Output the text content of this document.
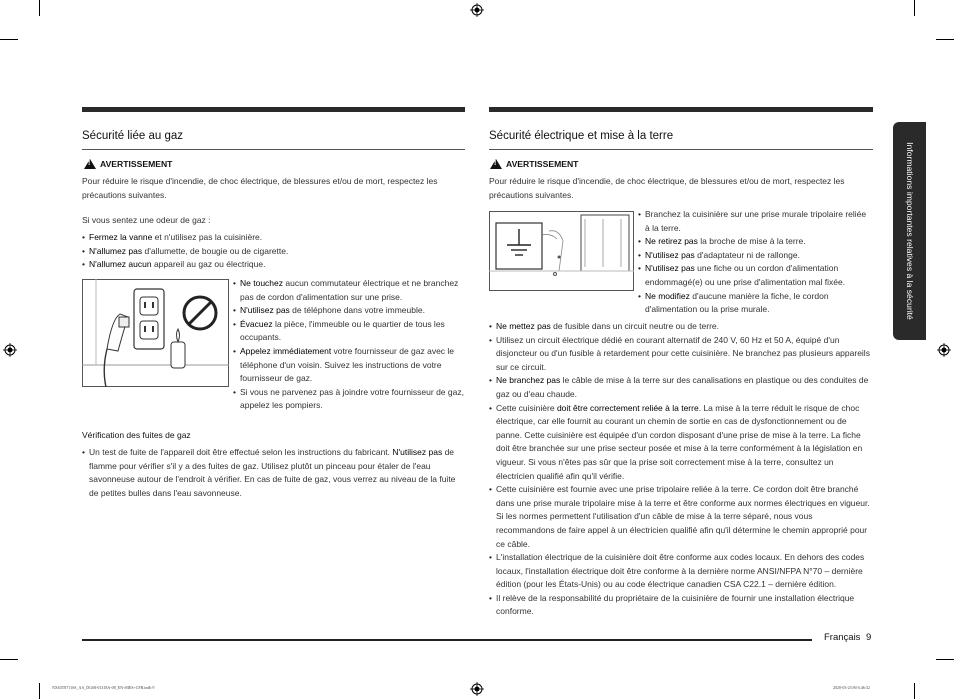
Sécurité liée au gaz
!
AVERTISSEMENT
Pour réduire le risque d'incendie, de choc électrique, de blessures et/ou de mort, respectez les précautions suivantes.
Si vous sentez une odeur de gaz :
• Fermez la vanne et n'utilisez pas la cuisinière.
• N'allumez pas d'allumette, de bougie ou de cigarette.
• N'allumez aucun appareil au gaz ou électrique.
• Ne touchez aucun commutateur électrique et ne branchez pas de cordon d'alimentation sur une prise.
• N'utilisez pas de téléphone dans votre immeuble.
• Évacuez la pièce, l'immeuble ou le quartier de tous les occupants.
• Appelez immédiatement votre fournisseur de gaz avec le téléphone d'un voisin. Suivez les instructions de votre fournisseur de gaz.
• Si vous ne parvenez pas à joindre votre fournisseur de gaz, appelez les pompiers.
Vérification des fuites de gaz
• Un test de fuite de l'appareil doit être effectué selon les instructions du fabricant. N'utilisez pas de flamme pour vérifier s'il y a des fuites de gaz. Utilisez plutôt un pinceau pour étaler de l'eau savonneuse autour de l'endroit à vérifier. En cas de fuite de gaz, vous verrez au niveau de la fuite de petites bulles dans l'eau savonneuse.
Sécurité électrique et mise à la terre
!
AVERTISSEMENT
Pour réduire le risque d'incendie, de choc électrique, de blessures et/ou de mort, respectez les précautions suivantes.
• Branchez la cuisinière sur une prise murale tripolaire reliée à la terre.
• Ne retirez pas la broche de mise à la terre.
• N'utilisez pas d'adaptateur ni de rallonge.
• N'utilisez pas une fiche ou un cordon d'alimentation endommagé(e) ou une prise d'alimentation mal fixée.
• Ne modifiez d'aucune manière la fiche, le cordon d'alimentation ou la prise murale.
• Ne mettez pas de fusible dans un circuit neutre ou de terre.
• Utilisez un circuit électrique dédié en courant alternatif de 240 V, 60 Hz et 50 A, équipé d'un disjoncteur ou d'un fusible à retardement pour cette cuisinière. Ne branchez pas plusieurs appareils sur ce circuit.
• Ne branchez pas le câble de mise à la terre sur des canalisations en plastique ou des conduites de gaz ou d'eau chaude.
• Cette cuisinière doit être correctement reliée à la terre. La mise à la terre réduit le risque de choc électrique, car elle fournit au courant un chemin de sortie en cas de dysfonctionnement ou de panne. Cette cuisinière est équipée d'un cordon disposant d'une prise de mise à la terre. La fiche doit être branchée sur une prise secteur posée et mise à la terre conformément à la législation en vigueur. Si vous n'êtes pas sûr que la prise soit correctement mise à la terre, consultez un électricien qualifié afin qu'il vérifie.
• Cette cuisinière est fournie avec une prise tripolaire reliée à la terre. Ce cordon doit être branché dans une prise murale tripolaire mise à la terre et être conforme aux normes électriques en vigueur. Si les normes permettent l'utilisation d'un câble de mise à la terre séparé, nous vous recommandons de faire appel à un électricien qualifié afin qu'il détermine le chemin approprié pour ce câble.
• L'installation électrique de la cuisinière doit être conforme aux codes locaux. En dehors des codes locaux, l'installation électrique doit être conforme à la dernière norme ANSI/NFPA N°70 – dernière édition (pour les États-Unis) ou au code électrique canadien CSA C22.1 – dernière édition.
• Il relève de la responsabilité du propriétaire de la cuisinière de fournir une installation électrique conforme.
Informations importantes relatives à la sécurité
Français 9
NX63T8711SS_AA_DG68-01318A-08_EN+MES+CFR.indb 9	2020-03-23 ￼ 6:46:32
